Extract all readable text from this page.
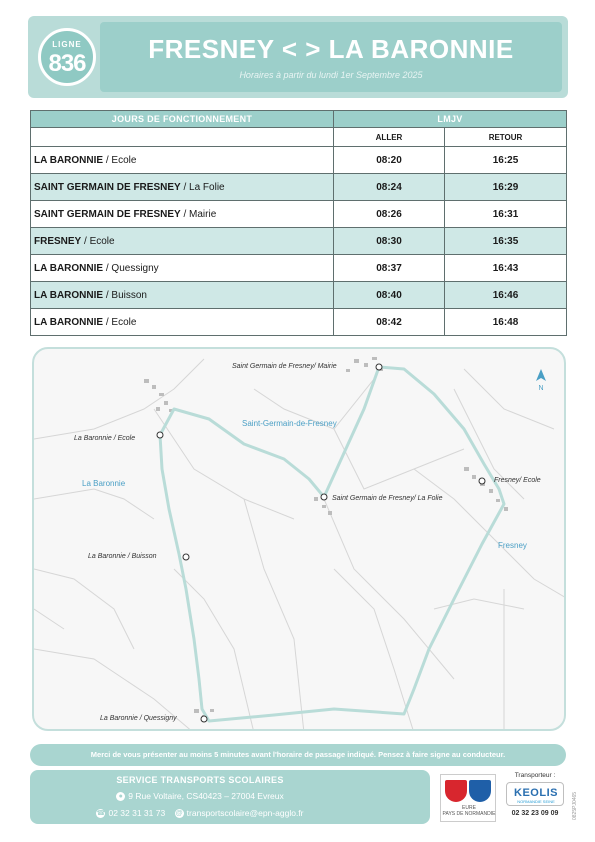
LIGNE
836	FRESNEY < > LA BARONNIE
Horaires à partir du lundi 1er Septembre 2025
JOURS DE FONCTIONNEMENT	LMJV	
	ALLER	RETOUR
LA BARONNIE / Ecole	08:20	16:25
SAINT GERMAIN DE FRESNEY / La Folie	08:24	16:29
SAINT GERMAIN DE FRESNEY / Mairie	08:26	16:31
FRESNEY / Ecole	08:30	16:35
LA BARONNIE / Quessigny	08:37	16:43
LA BARONNIE / Buisson	08:40	16:46
LA BARONNIE / Ecole	08:42	16:48
Saint Germain de Fresney/ Mairie
La Baronnie / Ecole
Saint Germain de Fresney/ La Folie
Fresney/ Ecole
La Baronnie / Buisson
La Baronnie / Quessigny
Saint-Germain-de-Fresney
La Baronnie
Fresney
N
Merci de vous présenter au moins 5 minutes avant l'horaire de passage indiqué. Pensez à faire signe au conducteur.
SERVICE TRANSPORTS SCOLAIRES
● 9 Rue Voltaire, CS40423 – 27004 Evreux
☎ 02 32 31 31 73 @ transportscolaire@epn-agglo.fr	EURE
PAYS DE NORMANDIE
Transporteur :
KEOLIS
NORMANDIE SEINE
02 32 23 09 09	0825PJ0465
